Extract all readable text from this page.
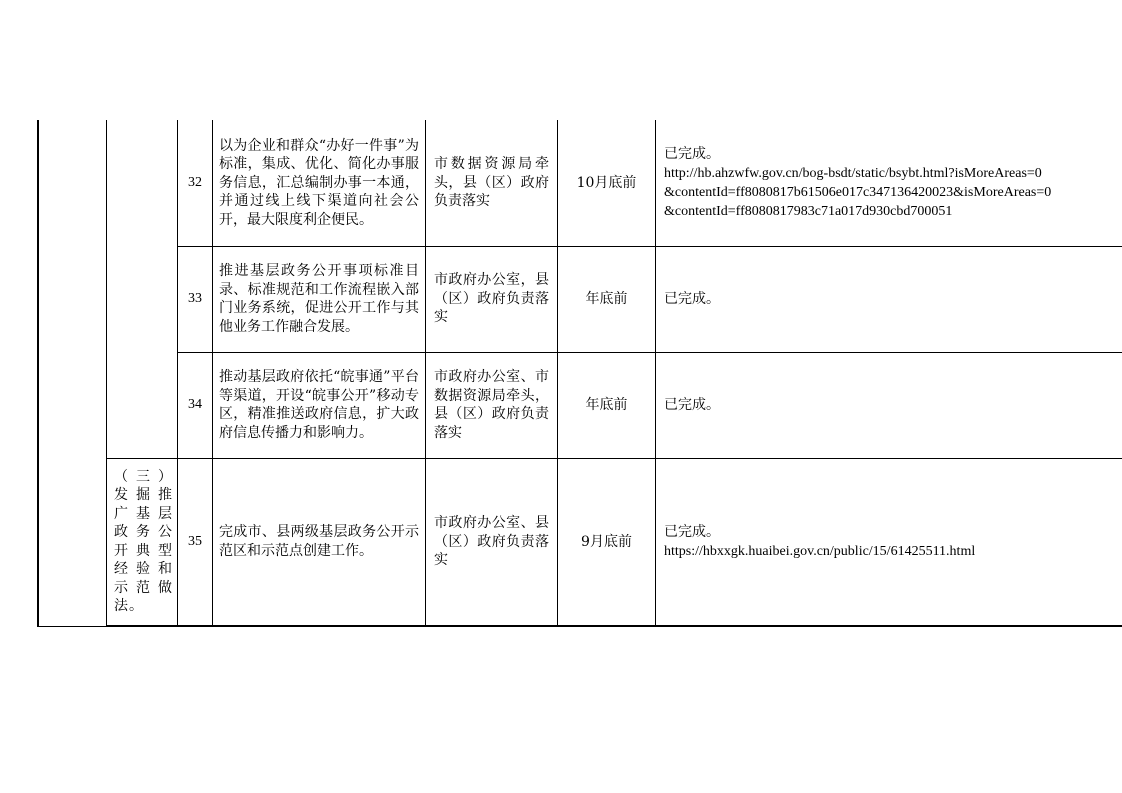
		32	以为企业和群众“办好一件事”为标准，集成、优化、简化办事服务信息，汇总编制办事一本通，并通过线上线下渠道向社会公开，最大限度利企便民。	市数据资源局牵头，县（区）政府负责落实	10月底前	已完成。
http://hb.ahzwfw.gov.cn/bog-bsdt/static/bsybt.html?isMoreAreas=0
&contentId=ff8080817b61506e017c347136420023&isMoreAreas=0
&contentId=ff8080817983c71a017d930cbd700051

		33	推进基层政务公开事项标准目录、标准规范和工作流程嵌入部门业务系统，促进公开工作与其他业务工作融合发展。	市政府办公室，县（区）政府负责落实	年底前	已完成。

		34	推动基层政府依托“皖事通”平台等渠道，开设“皖事公开”移动专区，精准推送政府信息，扩大政府信息传播力和影响力。	市政府办公室、市数据资源局牵头，县（区）政府负责落实	年底前	已完成。

	（三）发掘推广基层政务公开典型经验和示范做法。	35	完成市、县两级基层政务公开示范区和示范点创建工作。	市政府办公室、县（区）政府负责落实	9月底前	已完成。
https://hbxxgk.huaibei.gov.cn/public/15/61425511.html
